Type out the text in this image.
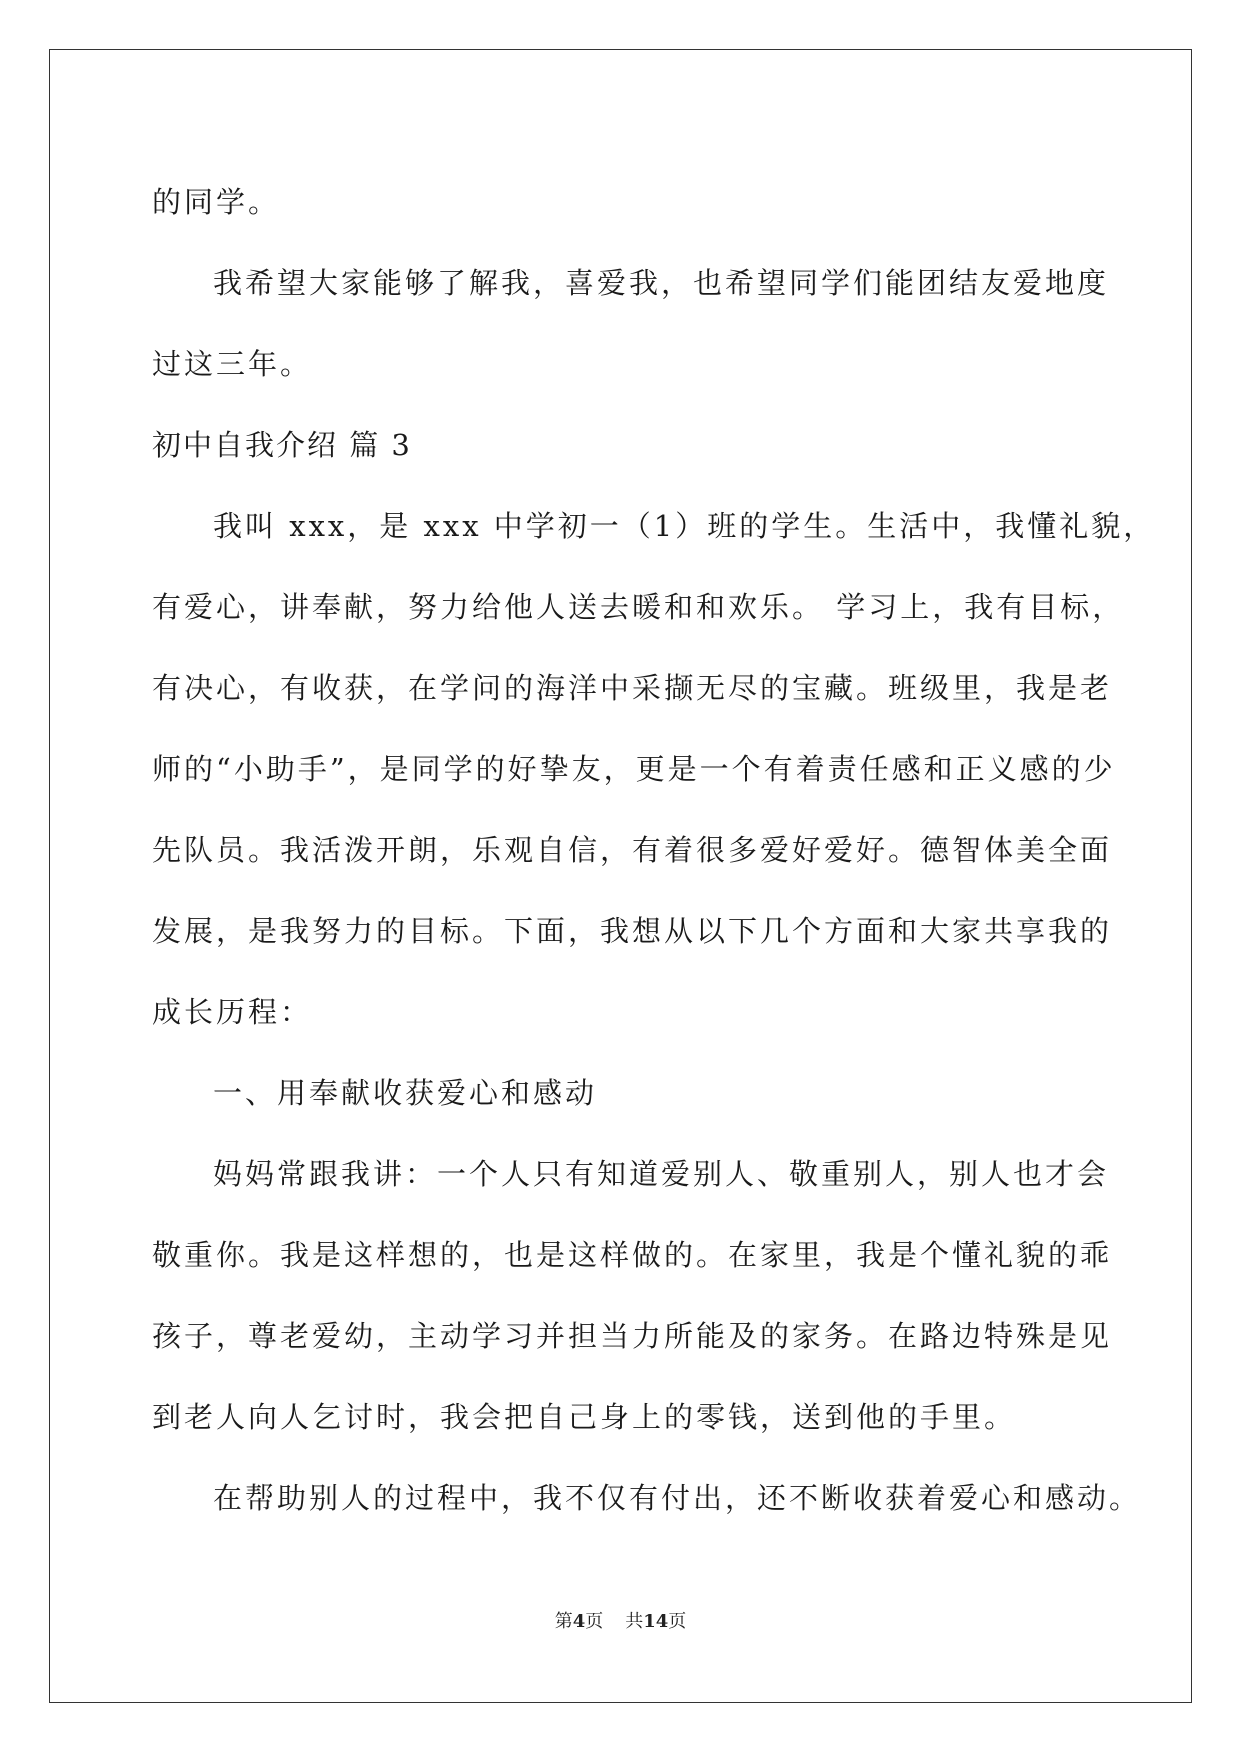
的同学。
我希望大家能够了解我，喜爱我，也希望同学们能团结友爱地度
过这三年。
初中自我介绍 篇 3
我叫 xxx，是 xxx 中学初一（1）班的学生。生活中，我懂礼貌，
有爱心，讲奉献，努力给他人送去暖和和欢乐。 学习上，我有目标，
有决心，有收获，在学问的海洋中采撷无尽的宝藏。班级里，我是老
师的“小助手”，是同学的好挚友，更是一个有着责任感和正义感的少
先队员。我活泼开朗，乐观自信，有着很多爱好爱好。德智体美全面
发展，是我努力的目标。下面，我想从以下几个方面和大家共享我的
成长历程：
一、用奉献收获爱心和感动
妈妈常跟我讲：一个人只有知道爱别人、敬重别人，别人也才会
敬重你。我是这样想的，也是这样做的。在家里，我是个懂礼貌的乖
孩子，尊老爱幼，主动学习并担当力所能及的家务。在路边特殊是见
到老人向人乞讨时，我会把自己身上的零钱，送到他的手里。
在帮助别人的过程中，我不仅有付出，还不断收获着爱心和感动。
第4页 共14页
